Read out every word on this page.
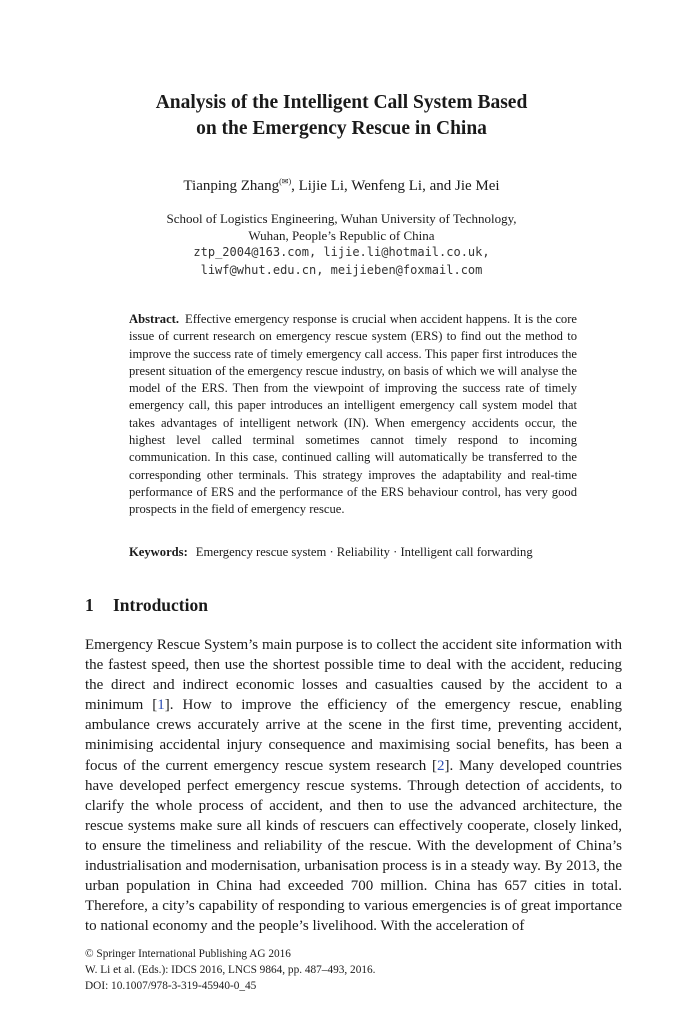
Analysis of the Intelligent Call System Based
on the Emergency Rescue in China
Tianping Zhang(✉), Lijie Li, Wenfeng Li, and Jie Mei
School of Logistics Engineering, Wuhan University of Technology,
Wuhan, People’s Republic of China
ztp_2004@163.com, lijie.li@hotmail.co.uk,
liwf@whut.edu.cn, meijieben@foxmail.com
Abstract. Effective emergency response is crucial when accident happens. It is the core issue of current research on emergency rescue system (ERS) to find out the method to improve the success rate of timely emergency call access. This paper first introduces the present situation of the emergency rescue industry, on basis of which we will analyse the model of the ERS. Then from the viewpoint of improving the success rate of timely emergency call, this paper introduces an intelligent emergency call system model that takes advantages of intelligent network (IN). When emergency accidents occur, the highest level called terminal sometimes cannot timely respond to incoming communication. In this case, continued calling will automatically be transferred to the corresponding other terminals. This strategy improves the adaptability and real-time performance of ERS and the performance of the ERS behaviour control, has very good prospects in the field of emergency rescue.
Keywords: Emergency rescue system · Reliability · Intelligent call forwarding
1 Introduction
Emergency Rescue System’s main purpose is to collect the accident site information with the fastest speed, then use the shortest possible time to deal with the accident, reducing the direct and indirect economic losses and casualties caused by the accident to a minimum [1]. How to improve the efficiency of the emergency rescue, enabling ambulance crews accurately arrive at the scene in the first time, preventing accident, minimising accidental injury consequence and maximising social benefits, has been a focus of the current emergency rescue system research [2]. Many developed countries have developed perfect emergency rescue systems. Through detection of accidents, to clarify the whole process of accident, and then to use the advanced architecture, the rescue systems make sure all kinds of rescuers can effectively cooperate, closely linked, to ensure the timeliness and reliability of the rescue. With the development of China’s industrialisation and modernisation, urbanisation process is in a steady way. By 2013, the urban population in China had exceeded 700 million. China has 657 cities in total. Therefore, a city’s capability of responding to various emergencies is of great importance to national economy and the people’s livelihood. With the acceleration of
© Springer International Publishing AG 2016
W. Li et al. (Eds.): IDCS 2016, LNCS 9864, pp. 487–493, 2016.
DOI: 10.1007/978-3-319-45940-0_45
